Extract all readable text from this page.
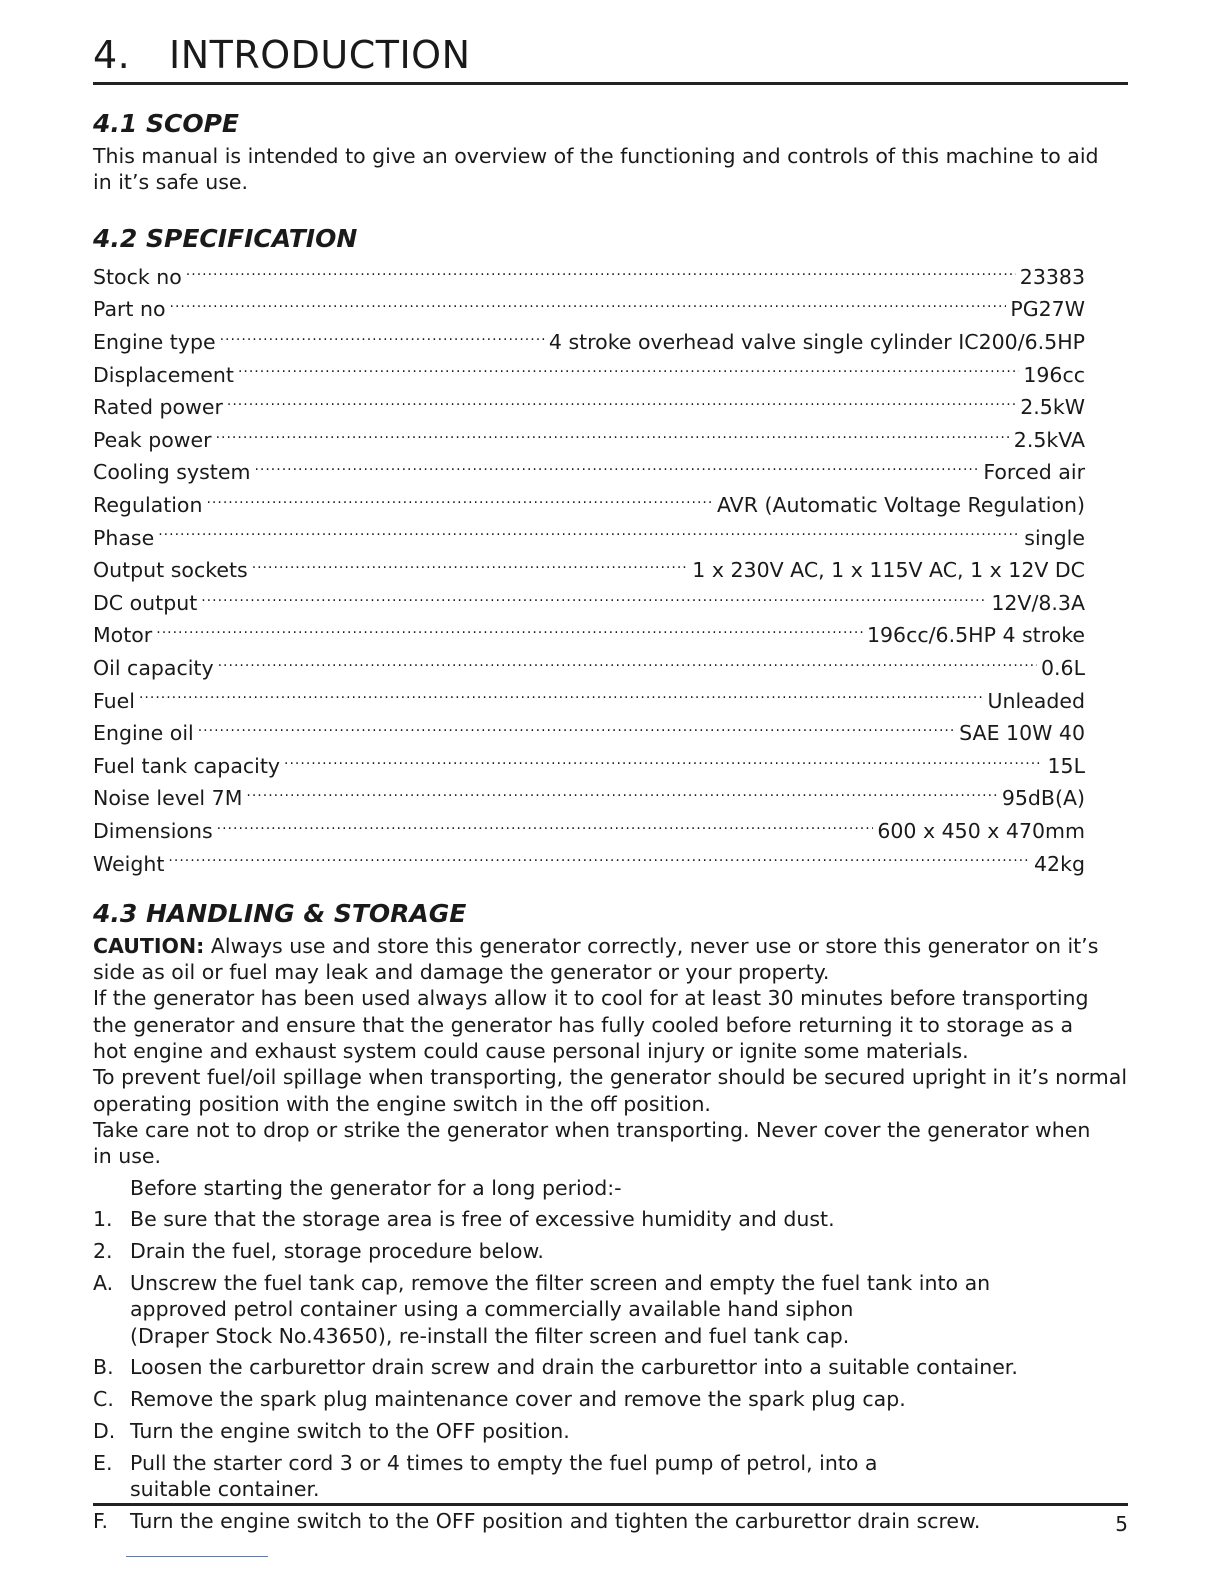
4. INTRODUCTION
4.1 SCOPE

This manual is intended to give an overview of the functioning and controls of this machine to aid in it’s safe use.

4.2 SPECIFICATION
Stock no .....	23383
Part no .....	PG27W
Engine type .....	4 stroke overhead valve single cylinder IC200/6.5HP
Displacement .....	196cc
Rated power .....	2.5kW
Peak power .....	2.5kVA
Cooling system .....	Forced air
Regulation .....	AVR (Automatic Voltage Regulation)
Phase .....	single
Output sockets .....	1 x 230V AC, 1 x 115V AC, 1 x 12V DC
DC output .....	12V/8.3A
Motor .....	196cc/6.5HP 4 stroke
Oil capacity .....	0.6L
Fuel .....	Unleaded
Engine oil .....	SAE 10W 40
Fuel tank capacity .....	15L
Noise level 7M .....	95dB(A)
Dimensions .....	600 x 450 x 470mm
Weight .....	42kg
4.3 HANDLING & STORAGE

CAUTION: Always use and store this generator correctly, never use or store this generator on it’s side as oil or fuel may leak and damage the generator or your property.

If the generator has been used always allow it to cool for at least 30 minutes before transporting the generator and ensure that the generator has fully cooled before returning it to storage as a hot engine and exhaust system could cause personal injury or ignite some materials.

To prevent fuel/oil spillage when transporting, the generator should be secured upright in it’s normal operating position with the engine switch in the off position.

Take care not to drop or strike the generator when transporting. Never cover the generator when in use.

Before starting the generator for a long period:-
1. Be sure that the storage area is free of excessive humidity and dust.
2. Drain the fuel, storage procedure below.
A. Unscrew the fuel tank cap, remove the filter screen and empty the fuel tank into an
approved petrol container using a commercially available hand siphon
(Draper Stock No.43650), re-install the filter screen and fuel tank cap.
B. Loosen the carburettor drain screw and drain the carburettor into a suitable container.
C. Remove the spark plug maintenance cover and remove the spark plug cap.
D. Turn the engine switch to the OFF position.
E. Pull the starter cord 3 or 4 times to empty the fuel pump of petrol, into a
suitable container.
F.	Turn the engine switch to the OFF position and tighten the carburettor drain screw.	5
